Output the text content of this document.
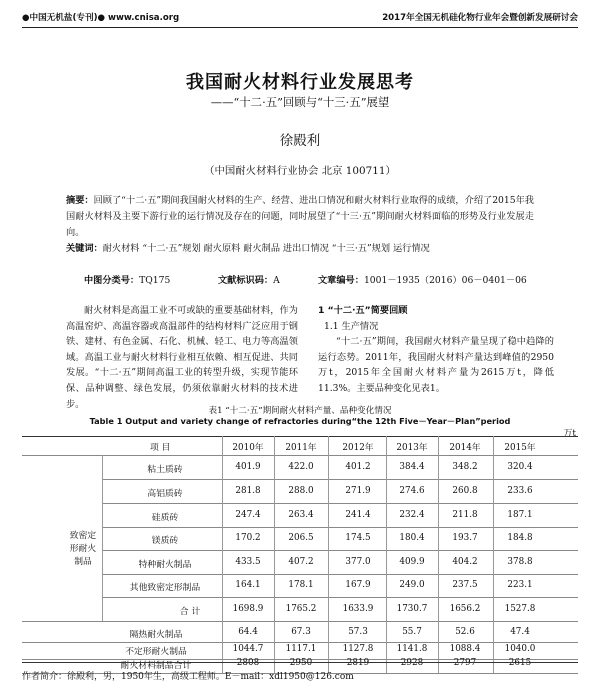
●中国无机盐(专刊)● www.cnisa.org	2017年全国无机硅化物行业年会暨创新发展研讨会
我国耐火材料行业发展思考
——“十二·五”回顾与“十三·五”展望
徐殿利
（中国耐火材料行业协会 北京 100711）
摘要：回顾了“十二·五”期间我国耐火材料的生产、经营、进出口情况和耐火材料行业取得的成绩，介绍了2015年我国耐火材料及主要下游行业的运行情况及存在的问题，同时展望了“十三·五”期间耐火材料面临的形势及行业发展走向。
关键词：耐火材料 “十二·五”规划 耐火原料 耐火制品 进出口情况 “十三·五”规划 运行情况
中图分类号：TQ175	文献标识码：A	文章编号：1001－1935（2016）06－0401－06
耐火材料是高温工业不可或缺的重要基础材料，作为高温窑炉、高温容器或高温部件的结构材料广泛应用于钢铁、建材、有色金属、石化、机械、轻工、电力等高温领域。高温工业与耐火材料行业相互依赖、相互促进、共同发展。“十二·五”期间高温工业的转型升级，实现节能环保、品种调整、绿色发展，仍须依靠耐火材料的技术进步。
1 “十二·五”简要回顾
1.1 生产情况
“十二·五”期间，我国耐火材料产量呈现了稳中趋降的运行态势。2011年，我国耐火材料产量达到峰值的2950万t，2015年全国耐火材料产量为2615万t，降低11.3%。主要品种变化见表1。
表1 “十二·五”期间耐火材料产量、品种变化情况
Table 1 Output and variety change of refractories during“the 12th Five－Year－Plan”period
万t
项 目	2010年	2011年	2012年	2013年	2014年	2015年
致密定形耐火制品
粘土质砖	401.9	422.0	401.2	384.4	348.2	320.4
高铝质砖	281.8	288.0	271.9	274.6	260.8	233.6
硅质砖	247.4	263.4	241.4	232.4	211.8	187.1
镁质砖	170.2	206.5	174.5	180.4	193.7	184.8
特种耐火制品	433.5	407.2	377.0	409.9	404.2	378.8
其他致密定形制品	164.1	178.1	167.9	249.0	237.5	223.1
合 计	1698.9	1765.2	1633.9	1730.7	1656.2	1527.8
隔热耐火制品	64.4	67.3	57.3	55.7	52.6	47.4
不定形耐火制品	1044.7	1117.1	1127.8	1141.8	1088.4	1040.0
耐火材料制品合计	2808	2950	2819	2928	2797	2615
作者简介：徐殿利，男，1950年生，高级工程师。E－mail：xdl1950@126.com
